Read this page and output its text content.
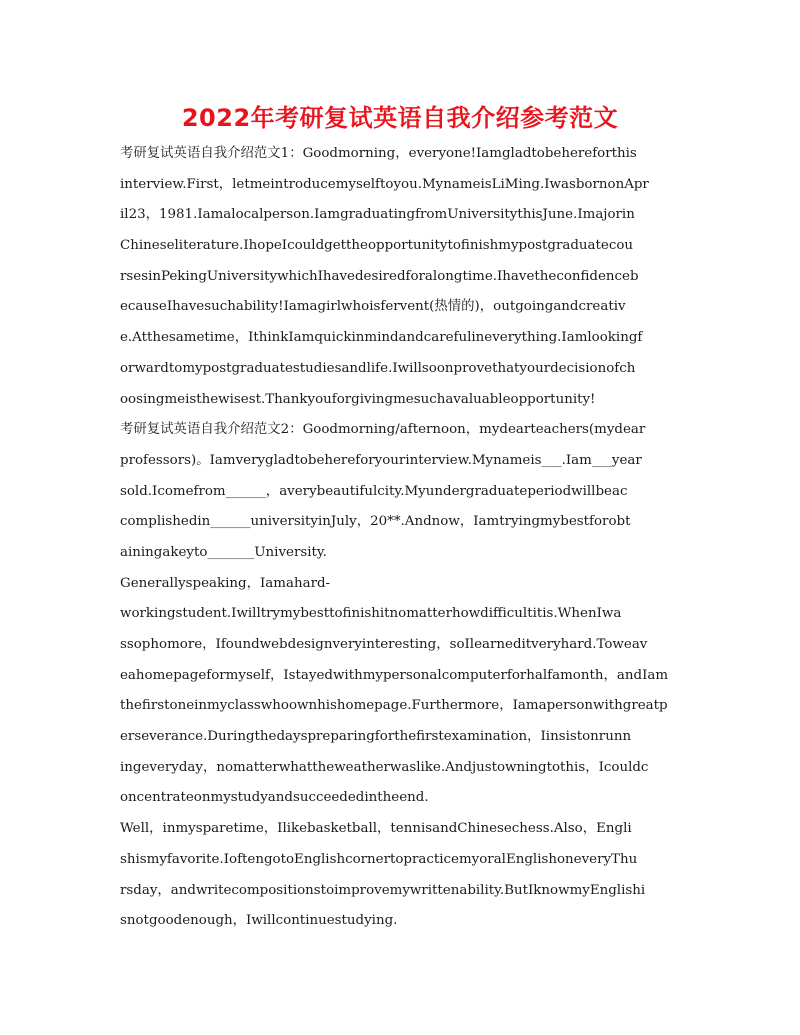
2022年考研复试英语自我介绍参考范文
考研复试英语自我介绍范文1：Goodmorning，everyone!Iamgladtobehereforthis
interview.First，letmeintroducemyselftoyou.MynameisLiMing.IwasbornonApr
il23，1981.Iamalocalperson.IamgraduatingfromUniversitythisJune.Imajorin
Chineseliterature.IhopeIcouldgettheopportunitytofinishmypostgraduatecou
rsesinPekingUniversitywhichIhavedesiredforalongtime.Ihavetheconfidenceb
ecauseIhavesuchability!Iamagirlwhoisfervent(热情的)，outgoingandcreativ
e.Atthesametime，IthinkIamquickinmindandcarefulineverything.Iamlookingf
orwardtomypostgraduatestudiesandlife.Iwillsoonprovethatyourdecisionofch
oosingmeisthewisest.Thankyouforgivingmesuchavaluableopportunity!
考研复试英语自我介绍范文2：Goodmorning/afternoon，mydearteachers(mydear
professors)。Iamverygladtobehereforyourinterview.Mynameis___.Iam___year
sold.Icomefrom______，averybeautifulcity.Myundergraduateperiodwillbeac
complishedin______universityinJuly，20**.Andnow，Iamtryingmybestforobt
ainingakeyto_______University.
Generallyspeaking，Iamahard-
workingstudent.Iwilltrymybesttofinishitnomatterhowdifficultitis.WhenIwa
ssophomore，Ifoundwebdesignveryinteresting，soIlearneditveryhard.Toweav
eahomepageformyself，Istayedwithmypersonalcomputerforhalfamonth，andIam
thefirstoneinmyclasswhoownhishomepage.Furthermore，Iamapersonwithgreatp
erseverance.Duringthedayspreparingforthefirstexamination，Iinsistonrunn
ingeveryday，nomatterwhattheweatherwaslike.Andjustowningtothis，Icouldc
oncentrateonmystudyandsucceededintheend.
Well，inmysparetime，Ilikebasketball，tennisandChinesechess.Also，Engli
shismyfavorite.IoftengotoEnglishcornertopracticemyoralEnglishoneveryThu
rsday，andwritecompositionstoimprovemywrittenability.ButIknowmyEnglishi
snotgoodenough，Iwillcontinuestudying.
